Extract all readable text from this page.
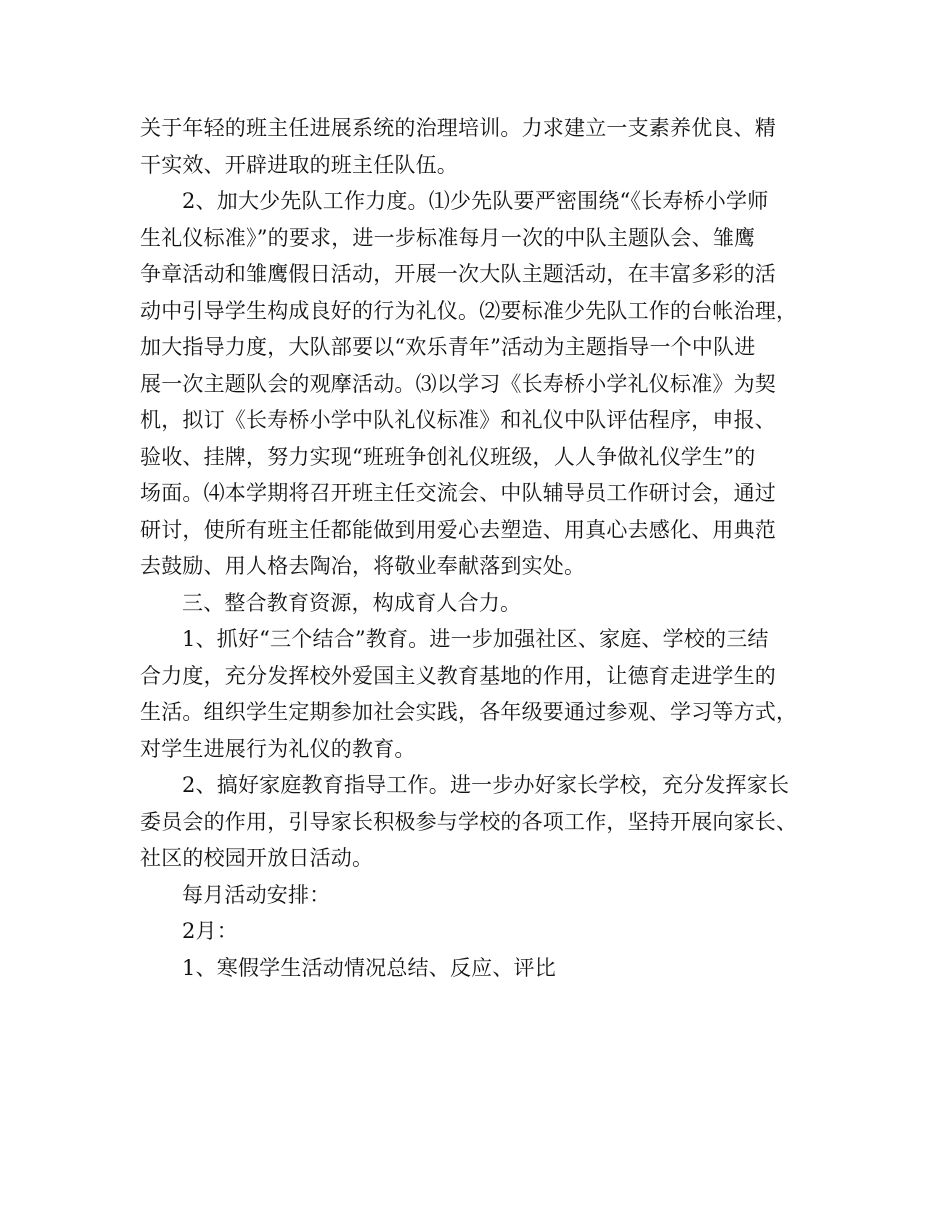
关于年轻的班主任进展系统的治理培训。力求建立一支素养优良、精
干实效、开辟进取的班主任队伍。

2、加大少先队工作力度。⑴少先队要严密围绕“《长寿桥小学师
生礼仪标准》”的要求，进一步标准每月一次的中队主题队会、雏鹰
争章活动和雏鹰假日活动，开展一次大队主题活动，在丰富多彩的活
动中引导学生构成良好的行为礼仪。⑵要标准少先队工作的台帐治理，
加大指导力度，大队部要以“欢乐青年”活动为主题指导一个中队进
展一次主题队会的观摩活动。⑶以学习《长寿桥小学礼仪标准》为契
机，拟订《长寿桥小学中队礼仪标准》和礼仪中队评估程序，申报、
验收、挂牌，努力实现“班班争创礼仪班级，人人争做礼仪学生”的
场面。⑷本学期将召开班主任交流会、中队辅导员工作研讨会，通过
研讨，使所有班主任都能做到用爱心去塑造、用真心去感化、用典范
去鼓励、用人格去陶冶，将敬业奉献落到实处。

三、整合教育资源，构成育人合力。

1、抓好“三个结合”教育。进一步加强社区、家庭、学校的三结
合力度，充分发挥校外爱国主义教育基地的作用，让德育走进学生的
生活。组织学生定期参加社会实践，各年级要通过参观、学习等方式，
对学生进展行为礼仪的教育。

2、搞好家庭教育指导工作。进一步办好家长学校，充分发挥家长
委员会的作用，引导家长积极参与学校的各项工作，坚持开展向家长、
社区的校园开放日活动。

每月活动安排：

2月：

1、寒假学生活动情况总结、反应、评比
